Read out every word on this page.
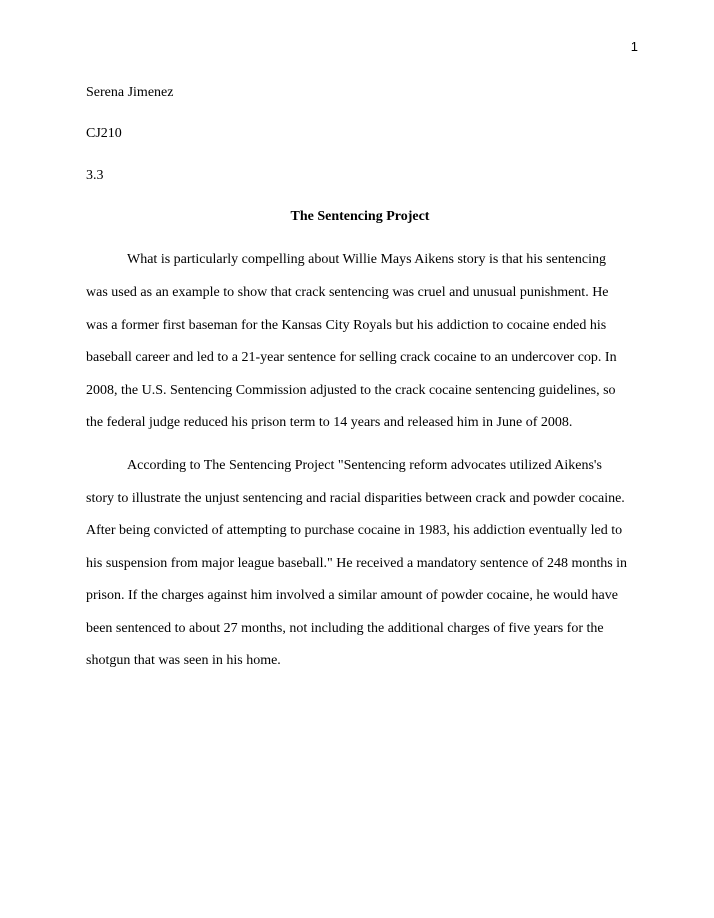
1
Serena Jimenez
CJ210
3.3
The Sentencing Project
What is particularly compelling about Willie Mays Aikens story is that his sentencing
was used as an example to show that crack sentencing was cruel and unusual punishment. He
was a former first baseman for the Kansas City Royals but his addiction to cocaine ended his
baseball career and led to a 21-year sentence for selling crack cocaine to an undercover cop. In
2008, the U.S. Sentencing Commission adjusted to the crack cocaine sentencing guidelines, so
the federal judge reduced his prison term to 14 years and released him in June of 2008.
According to The Sentencing Project "Sentencing reform advocates utilized Aikens's
story to illustrate the unjust sentencing and racial disparities between crack and powder cocaine.
After being convicted of attempting to purchase cocaine in 1983, his addiction eventually led to
his suspension from major league baseball." He received a mandatory sentence of 248 months in
prison. If the charges against him involved a similar amount of powder cocaine, he would have
been sentenced to about 27 months, not including the additional charges of five years for the
shotgun that was seen in his home.
